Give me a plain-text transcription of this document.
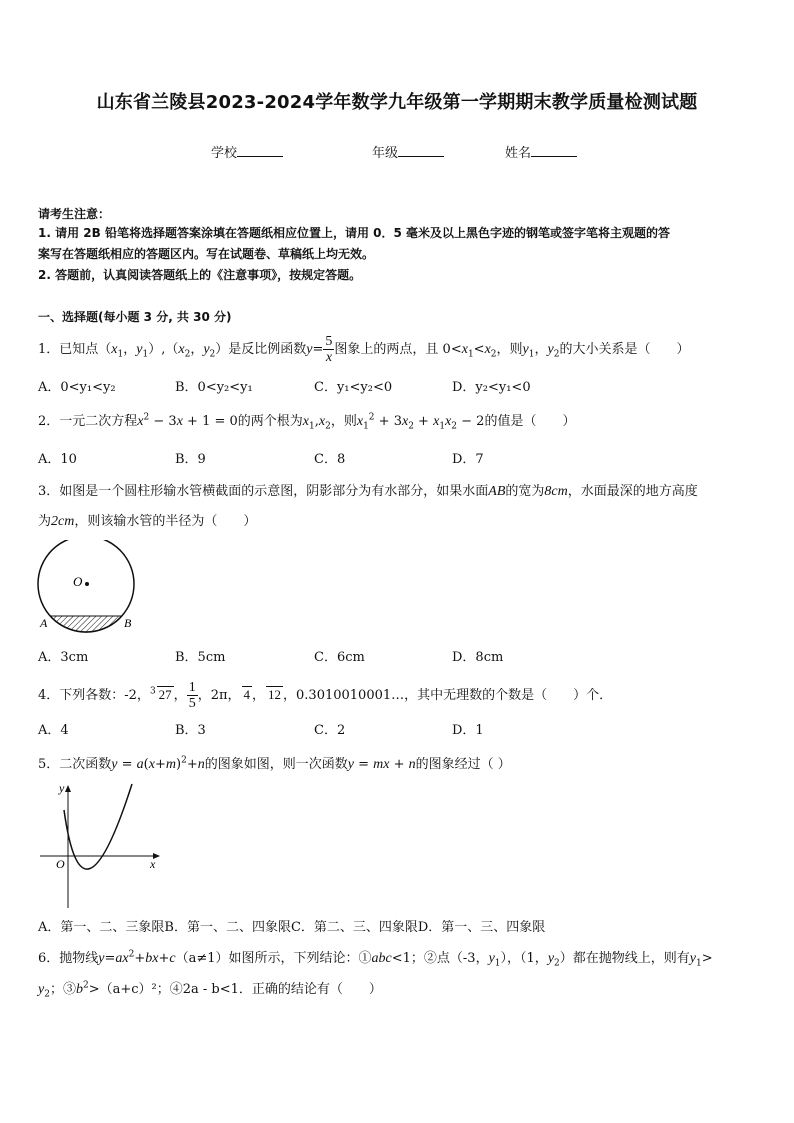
山东省兰陵县2023-2024学年数学九年级第一学期期末教学质量检测试题
学校	年级	姓名
请考生注意：
1. 请用 2B 铅笔将选择题答案涂填在答题纸相应位置上，请用 0．5 毫米及以上黑色字迹的钢笔或签字笔将主观题的答
案写在答题纸相应的答题区内。写在试题卷、草稿纸上均无效。
2. 答题前，认真阅读答题纸上的《注意事项》，按规定答题。
一、选择题(每小题 3 分, 共 30 分)
1．已知点（$x_1$，$y_1),(x_2$，$y_2$）是反比例函数$y= \frac{5}{x}$ 图象上的两点，且 $0<x_1<x_2$，则$y_1$，$y_2$的大小关系是（　　）
A．0<y₁<y₂	B．0<y₂<y₁	C．y₁<y₂<0	D．y₂<y₁<0
2．一元二次方程$x^2 - 3x + 1 = 0$的两个根为$x_1,x_2$，则$x_1^2 + 3x_2 + x_1x_2 - 2$的值是（　　）
A．10	B．9	C．8	D．7
3．如图是一个圆柱形输水管横截面的示意图，阴影部分为有水部分，如果水面AB的宽为8cm，水面最深的地方高度
为2cm，则该输水管的半径为（　　）
O
A	B
A．3cm	B．5cm	C．6cm	D．8cm
4．下列各数：-2，$^3$ 27 ， $\frac{1}{5}$ ，2π， 4 ， 12 ，0.3010010001…，其中无理数的个数是（　　）个．
A．4	B．3	C．2	D．1
5．二次函数$y = a(x+m)^2+n$的图象如图，则一次函数y = mx + n的图象经过（ ）
y
x
O
A．第一、二、三象限B．第一、二、四象限C．第二、三、四象限D．第一、三、四象限
6．抛物线$y=ax^2+bx+c(a\ne 1)$如图所示，下列结论：①abc<1；②点（-3，$y_1$），（1，$y_2$）都在抛物线上，则有$y_1>$
$y_2$；$③b^2>(a+c)^2$；④2a - b<1．正确的结论有（　　）
